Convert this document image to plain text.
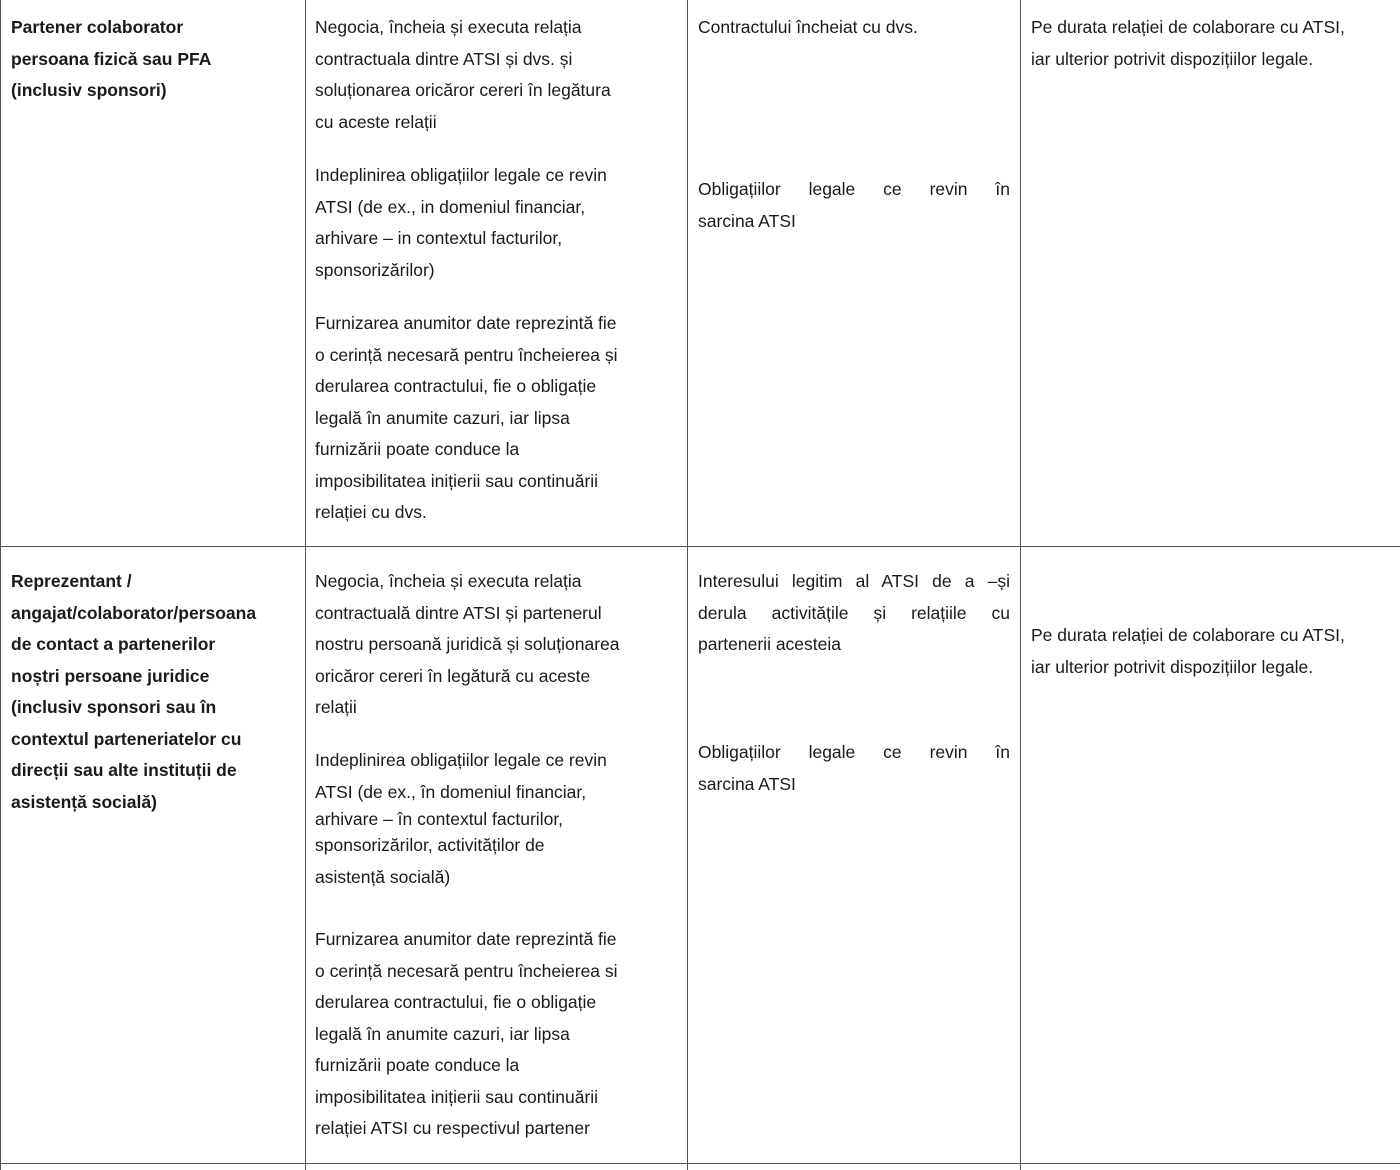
Partener colaborator
persoana fizică sau PFA
(inclusiv sponsori)
Negocia, încheia și executa relația
contractuala dintre ATSI și dvs. și
soluționarea oricăror cereri în legătura
cu aceste relații
Indeplinirea obligațiilor legale ce revin
ATSI (de ex., in domeniul financiar,
arhivare – in contextul facturilor,
sponsorizărilor)
Furnizarea anumitor date reprezintă fie
o cerință necesară pentru încheierea și
derularea contractului, fie o obligație
legală în anumite cazuri, iar lipsa
furnizării poate conduce la
imposibilitatea inițierii sau continuării
relației cu dvs.
Contractului încheiat cu dvs.
Obligațiilor legale ce revin în
sarcina ATSI
Pe durata relației de colaborare cu ATSI,
iar ulterior potrivit dispozițiilor legale.
Reprezentant /
angajat/colaborator/persoana
de contact a partenerilor
noștri persoane juridice
(inclusiv sponsori sau în
contextul parteneriatelor cu
direcții sau alte instituții de
asistență socială)
Negocia, încheia și executa relația
contractuală dintre ATSI și partenerul
nostru persoană juridică și soluționarea
oricăror cereri în legătură cu aceste
relații
Indeplinirea obligațiilor legale ce revin
ATSI (de ex., în domeniul financiar,
arhivare – în contextul facturilor,
sponsorizărilor, activităților de
asistență socială)
Furnizarea anumitor date reprezintă fie
o cerință necesară pentru încheierea si
derularea contractului, fie o obligație
legală în anumite cazuri, iar lipsa
furnizării poate conduce la
imposibilitatea inițierii sau continuării
relației ATSI cu respectivul partener
Interesului legitim al ATSI de a –și
derula activitățile și relațiile cu
partenerii acesteia
Obligațiilor legale ce revin în
sarcina ATSI
Pe durata relației de colaborare cu ATSI,
iar ulterior potrivit dispozițiilor legale.
